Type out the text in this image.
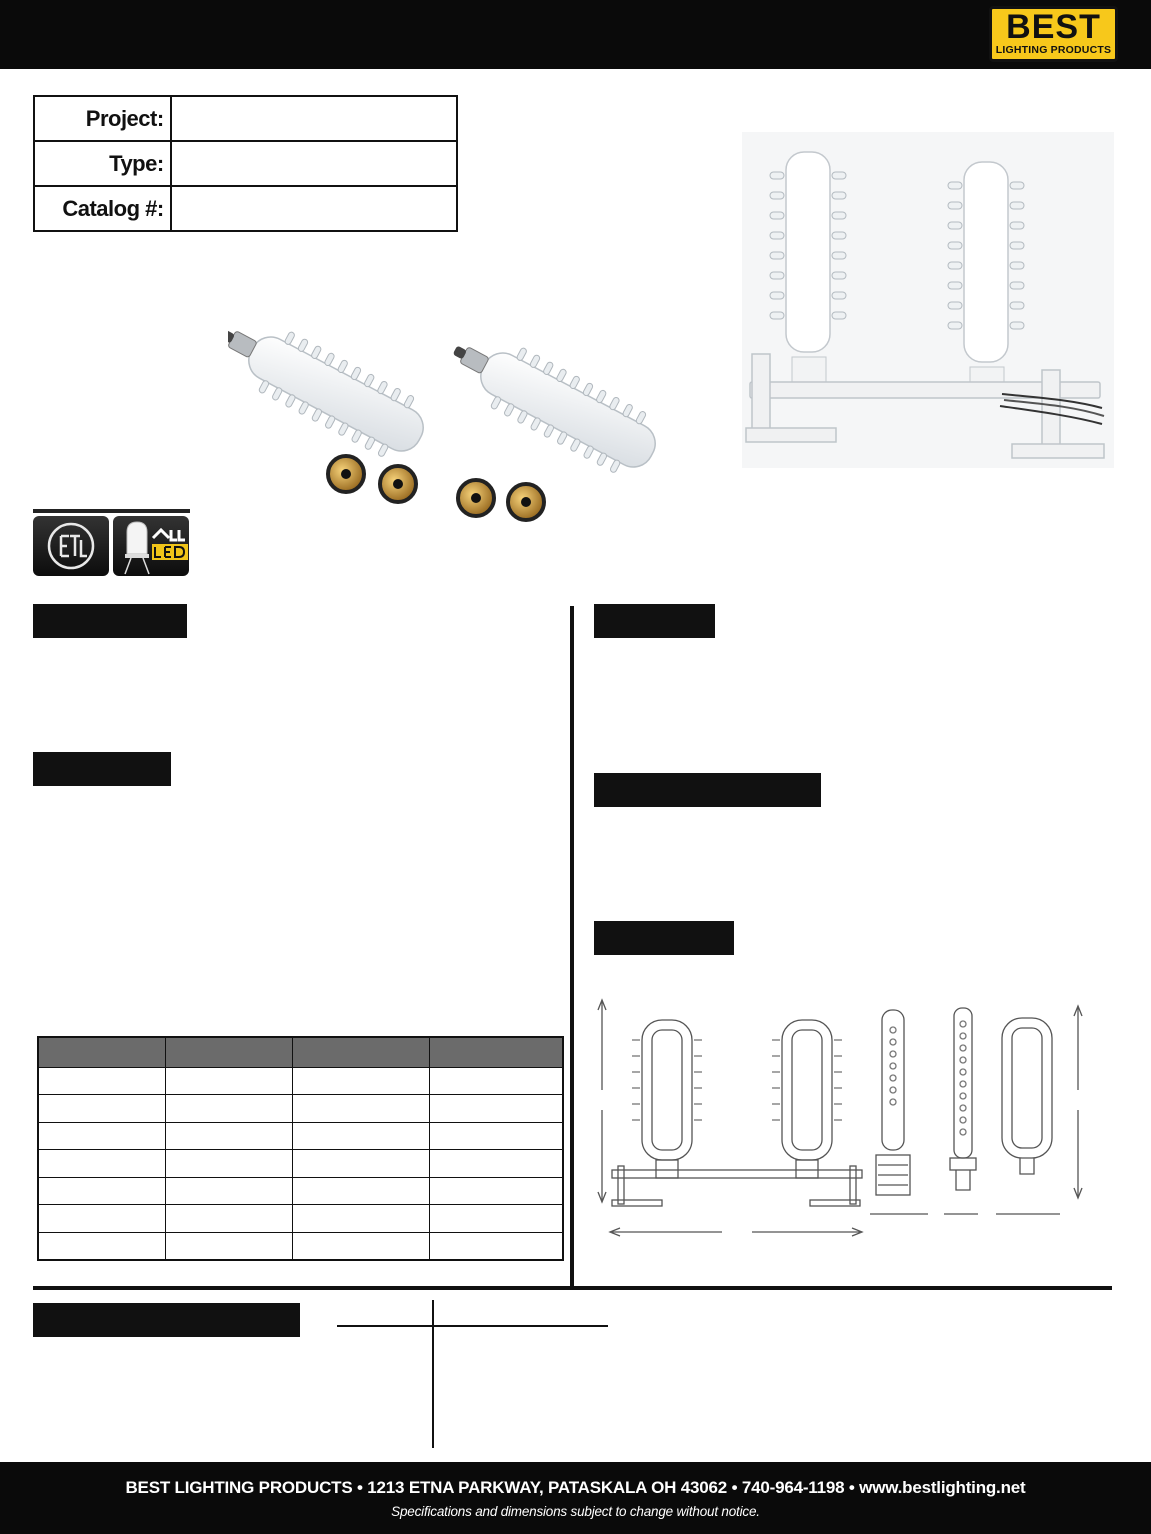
BEST
LIGHTING PRODUCTS
Project:	
Type:	
Catalog #:	

BEST LIGHTING PRODUCTS • 1213 ETNA PARKWAY, PATASKALA OH 43062 • 740-964-1198 • www.bestlighting.net
Specifications and dimensions subject to change without notice.
